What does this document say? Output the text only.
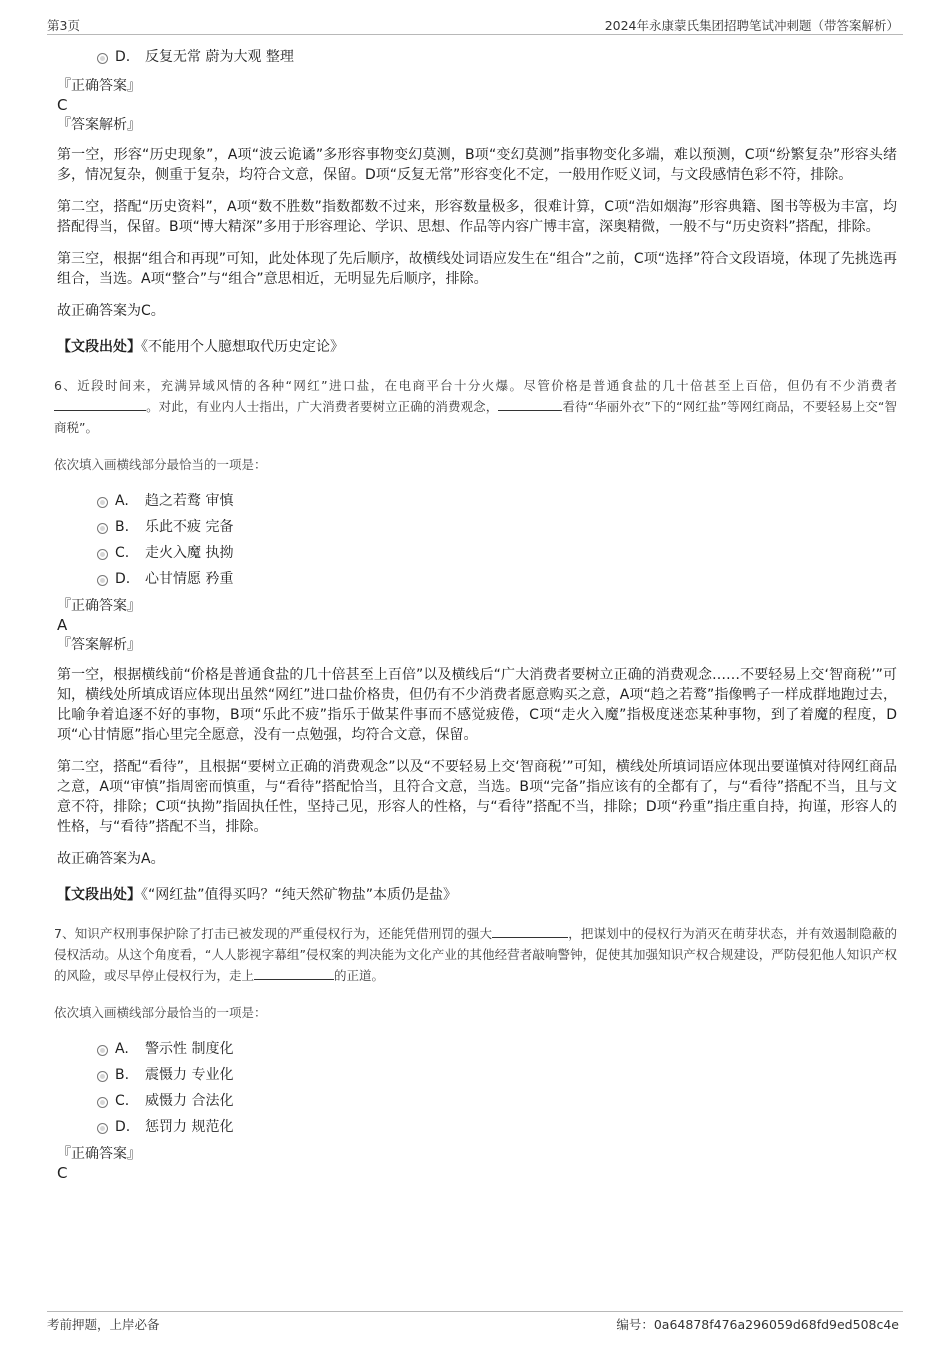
第3页	2024年永康蒙氏集团招聘笔试冲刺题（带答案解析）
D. 反复无常 蔚为大观 整理

『正确答案』

C

『答案解析』

第一空，形容“历史现象”，A项“波云诡谲”多形容事物变幻莫测，B项“变幻莫测”指事物变化多端，难以预测，C项“纷繁复杂”形容头绪多，情况复杂，侧重于复杂，均符合文意，保留。D项“反复无常”形容变化不定，一般用作贬义词，与文段感情色彩不符，排除。

第二空，搭配“历史资料”，A项“数不胜数”指数都数不过来，形容数量极多，很难计算，C项“浩如烟海”形容典籍、图书等极为丰富，均搭配得当，保留。B项“博大精深”多用于形容理论、学识、思想、作品等内容广博丰富，深奥精微，一般不与“历史资料”搭配，排除。

第三空，根据“组合和再现”可知，此处体现了先后顺序，故横线处词语应发生在“组合”之前，C项“选择”符合文段语境，体现了先挑选再组合，当选。A项“整合”与“组合”意思相近，无明显先后顺序，排除。

故正确答案为C。

【文段出处】《不能用个人臆想取代历史定论》

6、近段时间来，充满异域风情的各种“网红”进口盐，在电商平台十分火爆。尽管价格是普通食盐的几十倍甚至上百倍，但仍有不少消费者。对此，有业内人士指出，广大消费者要树立正确的消费观念，	看待“华丽外衣”下的“网红盐”等网红商品，不要轻易上交“智商税”。

依次填入画横线部分最恰当的一项是：

A. 趋之若鹜 审慎
B. 乐此不疲 完备
C. 走火入魔 执拗
D. 心甘情愿 矜重

『正确答案』

A

『答案解析』

第一空，根据横线前“价格是普通食盐的几十倍甚至上百倍”以及横线后“广大消费者要树立正确的消费观念……不要轻易上交‘智商税’”可知，横线处所填成语应体现出虽然“网红”进口盐价格贵，但仍有不少消费者愿意购买之意，A项“趋之若鹜”指像鸭子一样成群地跑过去，比喻争着追逐不好的事物，B项“乐此不疲”指乐于做某件事而不感觉疲倦，C项“走火入魔”指极度迷恋某种事物，到了着魔的程度，D项“心甘情愿”指心里完全愿意，没有一点勉强，均符合文意，保留。

第二空，搭配“看待”，且根据“要树立正确的消费观念”以及“不要轻易上交‘智商税’”可知，横线处所填词语应体现出要谨慎对待网红商品之意，A项“审慎”指周密而慎重，与“看待”搭配恰当，且符合文意，当选。B项“完备”指应该有的全都有了，与“看待”搭配不当，且与文意不符，排除；C项“执拗”指固执任性，坚持己见，形容人的性格，与“看待”搭配不当，排除；D项“矜重”指庄重自持，拘谨，形容人的性格，与“看待”搭配不当，排除。

故正确答案为A。

【文段出处】《“网红盐”值得买吗？“纯天然矿物盐”本质仍是盐》

7、知识产权刑事保护除了打击已被发现的严重侵权行为，还能凭借刑罚的强大	，把谋划中的侵权行为消灭在萌芽状态，并有效遏制隐蔽的侵权活动。从这个角度看，“人人影视字幕组”侵权案的判决能为文化产业的其他经营者敲响警钟，促使其加强知识产权合规建设，严防侵犯他人知识产权的风险，或尽早停止侵权行为，走上	的正道。

依次填入画横线部分最恰当的一项是：

A. 警示性 制度化
B. 震慑力 专业化
C. 威慑力 合法化
D. 惩罚力 规范化

『正确答案』

C

考前押题，上岸必备	编号：0a64878f476a296059d68fd9ed508c4e
